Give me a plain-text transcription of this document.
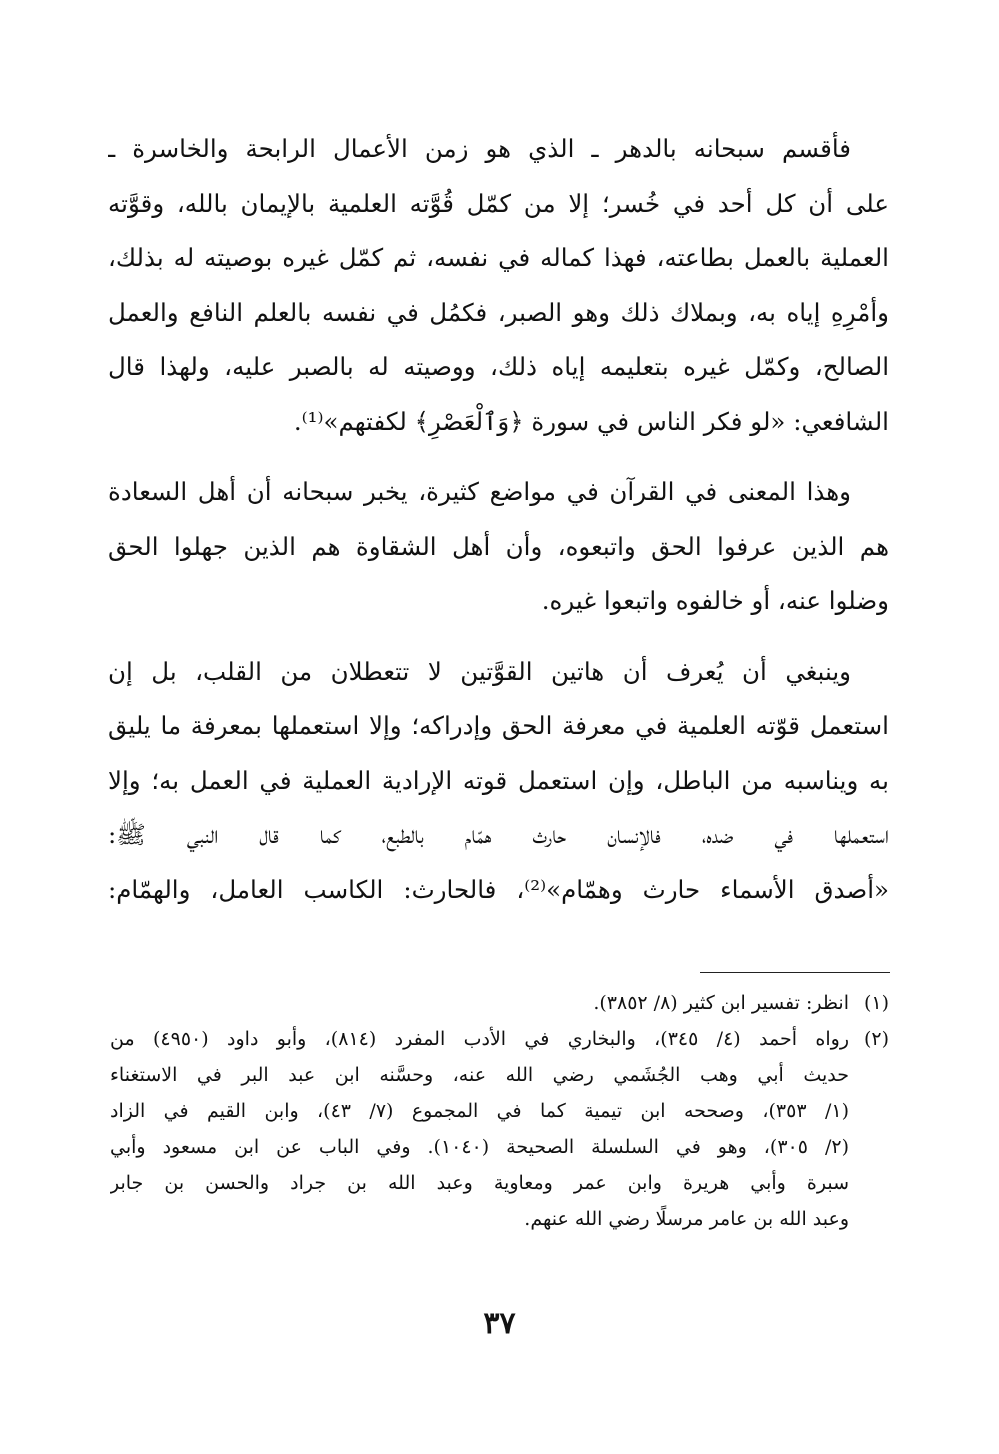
فأقسم سبحانه بالدهر ـ الذي هو زمن الأعمال الرابحة والخاسرة ـ
على أن كل أحد في خُسر؛ إلا من كمّل قُوَّته العلمية بالإيمان بالله، وقوَّته
العملية بالعمل بطاعته، فهذا كماله في نفسه، ثم كمّل غيره بوصيته له بذلك،
وأمْرِهِ إياه به، وبملاك ذلك وهو الصبر، فكمُل في نفسه بالعلم النافع والعمل
الصالح، وكمّل غيره بتعليمه إياه ذلك، ووصيته له بالصبر عليه، ولهذا قال
الشافعي: «لو فكر الناس في سورة ﴿وَٱلْعَصْرِ﴾ لكفتهم»⁽¹⁾.
وهذا المعنى في القرآن في مواضع كثيرة، يخبر سبحانه أن أهل السعادة
هم الذين عرفوا الحق واتبعوه، وأن أهل الشقاوة هم الذين جهلوا الحق
وضلوا عنه، أو خالفوه واتبعوا غيره.
وينبغي أن يُعرف أن هاتين القوَّتين لا تتعطلان من القلب، بل إن
استعمل قوّته العلمية في معرفة الحق وإدراكه؛ وإلا استعملها بمعرفة ما يليق
به ويناسبه من الباطل، وإن استعمل قوته الإرادية العملية في العمل به؛ وإلا
استعملها في ضده، فالإنسان حارث همّام بالطبع، كما قال النبي ﷺ:
«أصدق الأسماء حارث وهمّام»⁽²⁾، فالحارث: الكاسب العامل، والهمّام:
(١)
انظر: تفسير ابن كثير (٨/ ٣٨٥٢).
(٢)
رواه أحمد (٤/ ٣٤٥)، والبخاري في الأدب المفرد (٨١٤)، وأبو داود (٤٩٥٠) من
حديث أبي وهب الجُشَمي رضي الله عنه، وحسَّنه ابن عبد البر في الاستغناء
(١/ ٣٥٣)، وصححه ابن تيمية كما في المجموع (٧/ ٤٣)، وابن القيم في الزاد
(٢/ ٣٠٥)، وهو في السلسلة الصحيحة (١٠٤٠). وفي الباب عن ابن مسعود وأبي
سبرة وأبي هريرة وابن عمر ومعاوية وعبد الله بن جراد والحسن بن جابر
وعبد الله بن عامر مرسلًا رضي الله عنهم.
٣٧
